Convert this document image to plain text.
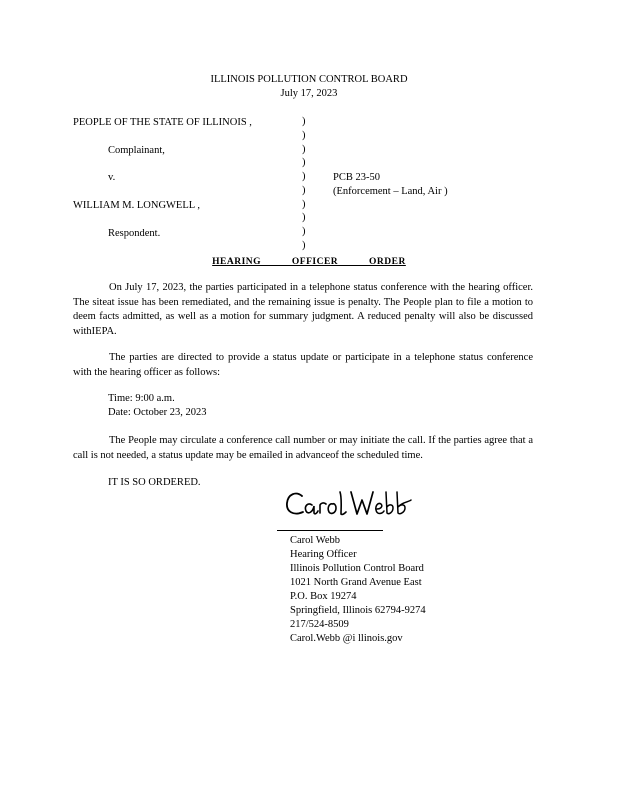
ILLINOIS POLLUTION CONTROL BOARD
July 17, 2023
PEOPLE OF THE STATE OF ILLINOIS ,
Complainant,
v.
WILLIAM M. LONGWELL ,
Respondent.
)
)
)
)
)
)
)
)
)
)
PCB 23-50
(Enforcement – Land, Air )
HEARING OFFICER ORDER
On July 17, 2023, the parties participated in a telephone status conference with the hearing officer. The siteat issue has been remediated, and the remaining issue is penalty. The People plan to file a motion to deem facts admitted, as well as a motion for summary judgment. A reduced penalty will also be discussed withIEPA.
The parties are directed to provide a status update or participate in a telephone status conference with the hearing officer as follows:
Time: 9:00 a.m.
Date: October 23, 2023
The People may circulate a conference call number or may initiate the call. If the parties agree that a call is not needed, a status update may be emailed in advanceof the scheduled time.
IT IS SO ORDERED.
Carol Webb
Hearing Officer
Illinois Pollution Control Board
1021 North Grand Avenue East
P.O. Box 19274
Springfield, Illinois 62794-9274
217/524-8509
Carol.Webb @i llinois.gov
